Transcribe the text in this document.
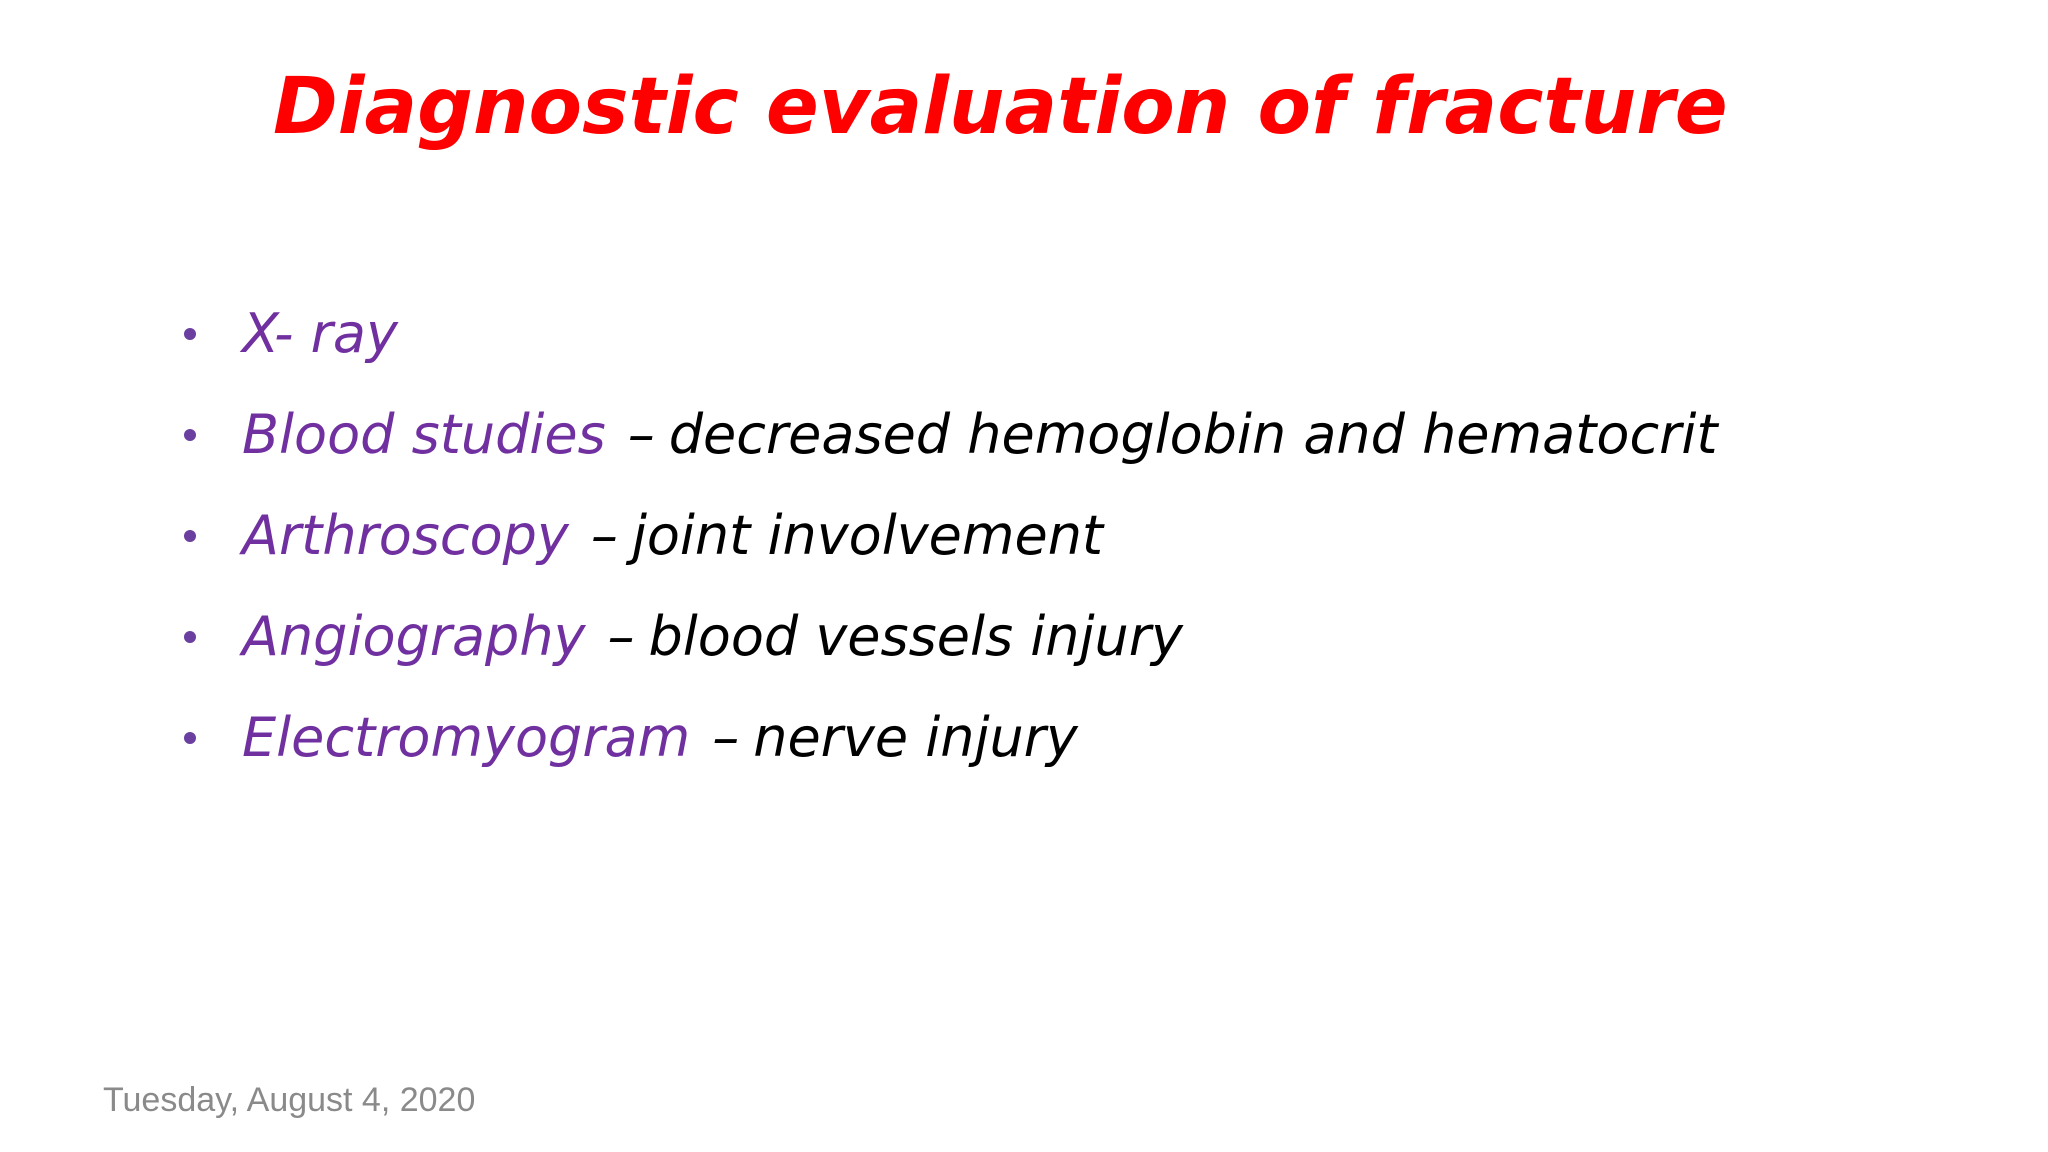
Diagnostic evaluation of fracture
X- ray
Blood studies – decreased hemoglobin and hematocrit
Arthroscopy – joint involvement
Angiography – blood vessels injury
Electromyogram – nerve injury
Tuesday, August 4, 2020
